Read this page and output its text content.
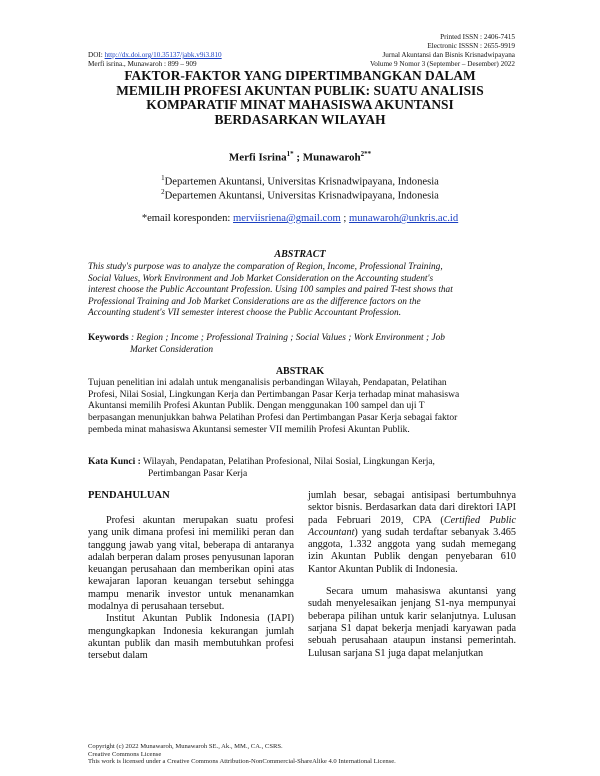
Printed ISSN : 2406-7415
Electronic ISSSN : 2655-9919
DOI: http://dx.doi.org/10.35137/jabk.v9i3.810	Jurnal Akuntansi dan Bisnis Krisnadwipayana
Merfi isrina., Munawaroh : 899 – 909	Volume 9 Nomor 3 (September – Desember) 2022
FAKTOR-FAKTOR YANG DIPERTIMBANGKAN DALAM
MEMILIH PROFESI AKUNTAN PUBLIK: SUATU ANALISIS
KOMPARATIF MINAT MAHASISWA AKUNTANSI
BERDASARKAN WILAYAH
Merfi Isrina$^{1*}$ ; Munawaroh$^{2**}$
$^1$Departemen Akuntansi, Universitas Krisnadwipayana, Indonesia
$^2$Departemen Akuntansi, Universitas Krisnadwipayana, Indonesia
*email koresponden: merviisriena@gmail.com ; munawaroh@unkris.ac.id
ABSTRACT
This study's purpose was to analyze the comparation of Region, Income, Professional Training,
Social Values, Work Environment and Job Market Consideration on the Accounting student's
interest choose the Public Accountant Profession. Using 100 samples and paired T-test shows that
Professional Training and Job Market Considerations are as the difference factors on the
Accounting student's VII semester interest choose the Public Accountant Profession.
Keywords : Region ; Income ; Professional Training ; Social Values ; Work Environment ; Job
Market Consideration
ABSTRAK
Tujuan penelitian ini adalah untuk menganalisis perbandingan Wilayah, Pendapatan, Pelatihan
Profesi, Nilai Sosial, Lingkungan Kerja dan Pertimbangan Pasar Kerja terhadap minat mahasiswa
Akuntansi memilih Profesi Akuntan Publik. Dengan menggunakan 100 sampel dan uji T
berpasangan menunjukkan bahwa Pelatihan Profesi dan Pertimbangan Pasar Kerja sebagai faktor
pembeda minat mahasiswa Akuntansi semester VII memilih Profesi Akuntan Publik.
Kata Kunci : Wilayah, Pendapatan, Pelatihan Profesional, Nilai Sosial, Lingkungan Kerja,
Pertimbangan Pasar Kerja
PENDAHULUAN

Profesi akuntan merupakan suatu profesi yang unik dimana profesi ini memiliki peran dan tanggung jawab yang vital, beberapa di antaranya adalah berperan dalam proses penyusunan laporan keuangan perusahaan dan memberikan opini atas kewajaran laporan keuangan tersebut sehingga mampu menarik investor untuk menanamkan modalnya di perusahaan tersebut.

Institut Akuntan Publik Indonesia (IAPI) mengungkapkan Indonesia kekurangan jumlah akuntan publik dan masih membutuhkan profesi tersebut dalam

jumlah besar, sebagai antisipasi bertumbuhnya sektor bisnis. Berdasarkan data dari direktori IAPI pada Februari 2019, CPA (Certified Public Accountant) yang sudah terdaftar sebanyak 3.465 anggota, 1.332 anggota yang sudah memegang izin Akuntan Publik dengan penyebaran 610 Kantor Akuntan Publik di Indonesia.

Secara umum mahasiswa akuntansi yang sudah menyelesaikan jenjang S1-nya mempunyai beberapa pilihan untuk karir selanjutnya. Lulusan sarjana S1 dapat bekerja menjadi karyawan pada sebuah perusahaan ataupun instansi pemerintah. Lulusan sarjana S1 juga dapat melanjutkan

Copyright (c) 2022 Munawaroh, Munawaroh SE., Ak., MM., CA., CSRS.
Creative Commons License
This work is licensed under a Creative Commons Attribution-NonCommercial-ShareAlike 4.0 International License.
